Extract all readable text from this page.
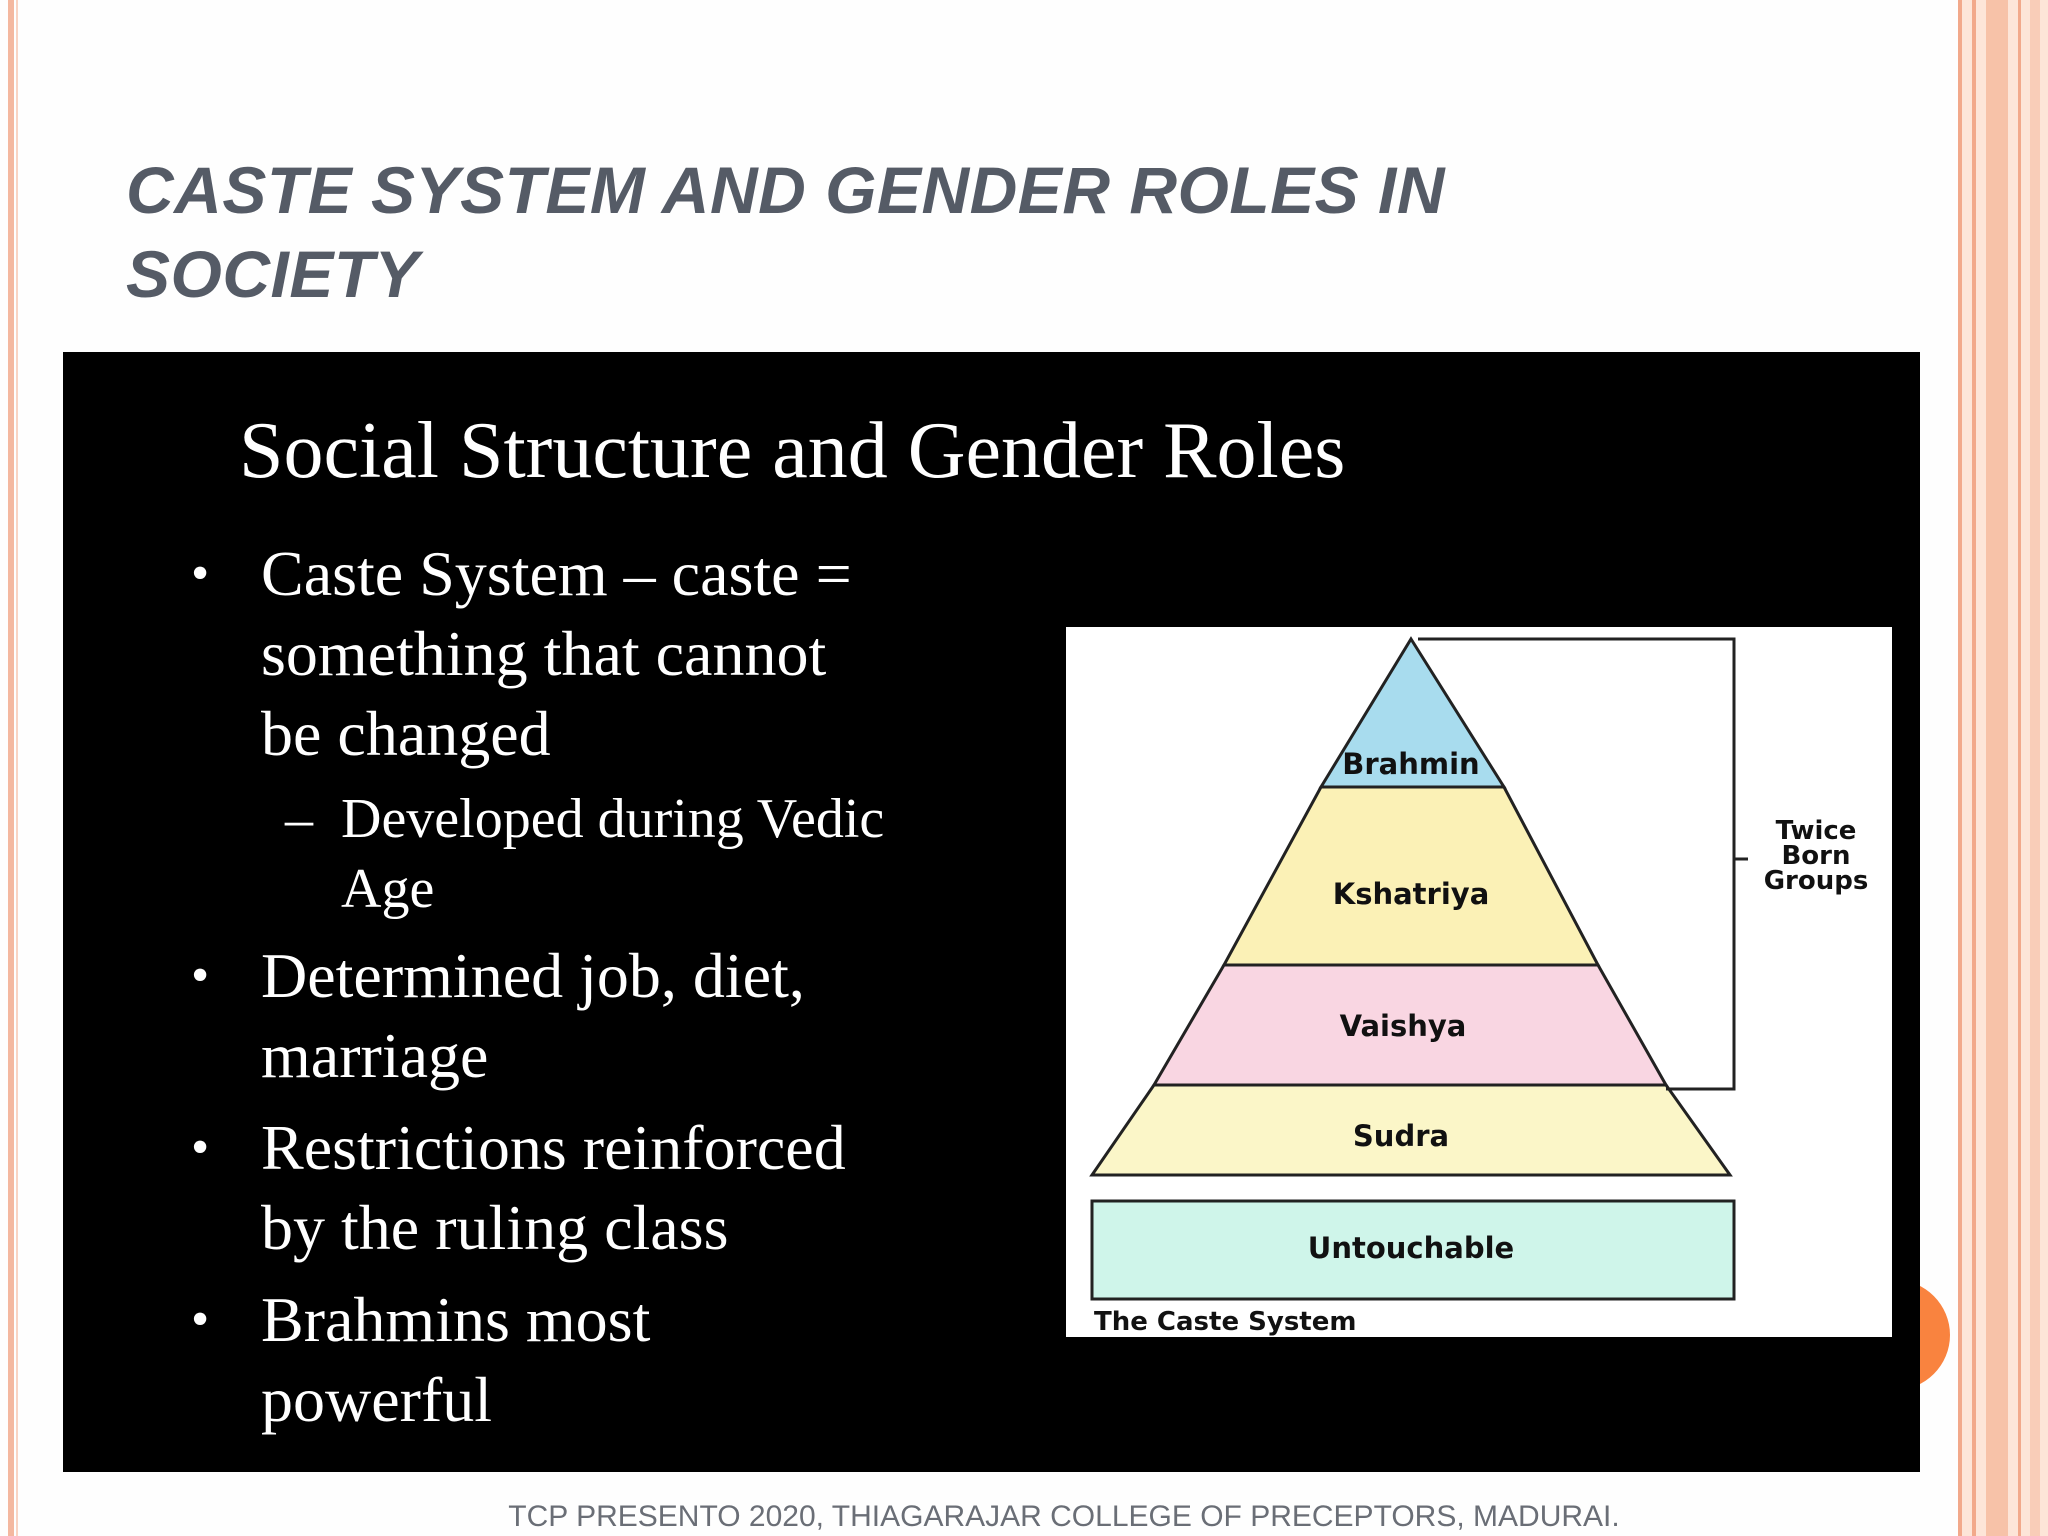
CASTE SYSTEM AND GENDER ROLES IN
SOCIETY
Social Structure and Gender Roles
• Caste System – caste =
something that cannot
be changed
– Developed during Vedic
Age
• Determined job, diet,
marriage
• Restrictions reinforced
by the ruling class
• Brahmins most
powerful
Brahmin
Kshatriya
Vaishya
Sudra
Untouchable
Twice
Born
Groups
The Caste System
TCP PRESENTO 2020, THIAGARAJAR COLLEGE OF PRECEPTORS, MADURAI.
